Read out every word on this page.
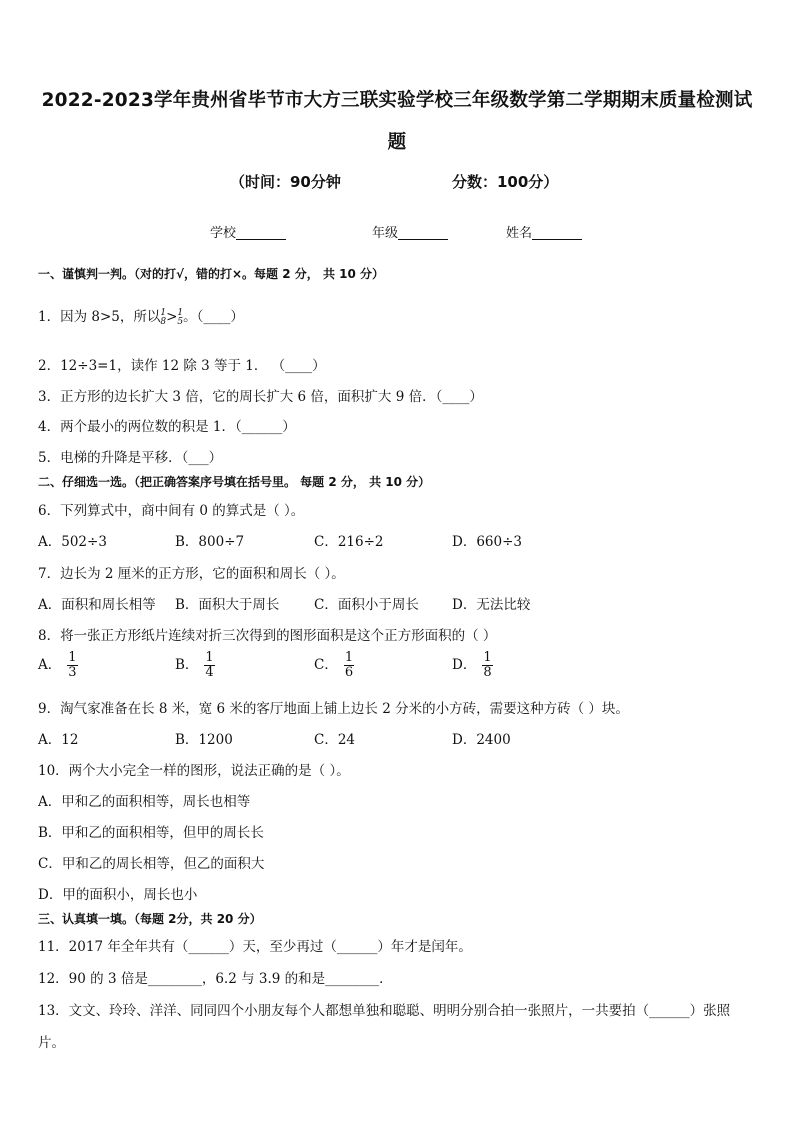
2022-2023学年贵州省毕节市大方三联实验学校三年级数学第二学期期末质量检测试
题
（时间：90分钟	分数：100分）
学校	年级	姓名
一、谨慎判一判。（对的打√，错的打×。每题 2 分， 共 10 分）
1．因为 8>5，所以 1
8 > 1
5 。（____）
2．12÷3=1，读作 12 除 3 等于 1． （____）
3．正方形的边长扩大 3 倍，它的周长扩大 6 倍，面积扩大 9 倍．（____）
4．两个最小的两位数的积是 1．（______）
5．电梯的升降是平移．（___）
二、仔细选一选。（把正确答案序号填在括号里。 每题 2 分， 共 10 分）
6．下列算式中，商中间有 0 的算式是（ ）。
A．502÷3	B．800÷7	C．216÷2	D．660÷3
7．边长为 2 厘米的正方形，它的面积和周长（ ）。
A．面积和周长相等 B．面积大于周长	C．面积小于周长 D．无法比较
8．将一张正方形纸片连续对折三次得到的图形面积是这个正方形面积的（ ）
A． $\frac{1}{3}$	B． $\frac{1}{4}$	C． $\frac{1}{6}$	D． $\frac{1}{8}$
9．淘气家准备在长 8 米，宽 6 米的客厅地面上铺上边长 2 分米的小方砖，需要这种方砖（ ）块。
A．12	B．1200	C．24	D．2400
10．两个大小完全一样的图形，说法正确的是（ ）。
A．甲和乙的面积相等，周长也相等
B．甲和乙的面积相等，但甲的周长长
C．甲和乙的周长相等，但乙的面积大
D．甲的面积小，周长也小
三、认真填一填。（每题 2分，共 20 分）
11．2017 年全年共有（______）天，至少再过（______）年才是闰年。
12．90 的 3 倍是________，6.2 与 3.9 的和是________．
13．文文、玲玲、洋洋、同同四个小朋友每个人都想单独和聪聪、明明分别合拍一张照片，一共要拍（______）张照
片。
